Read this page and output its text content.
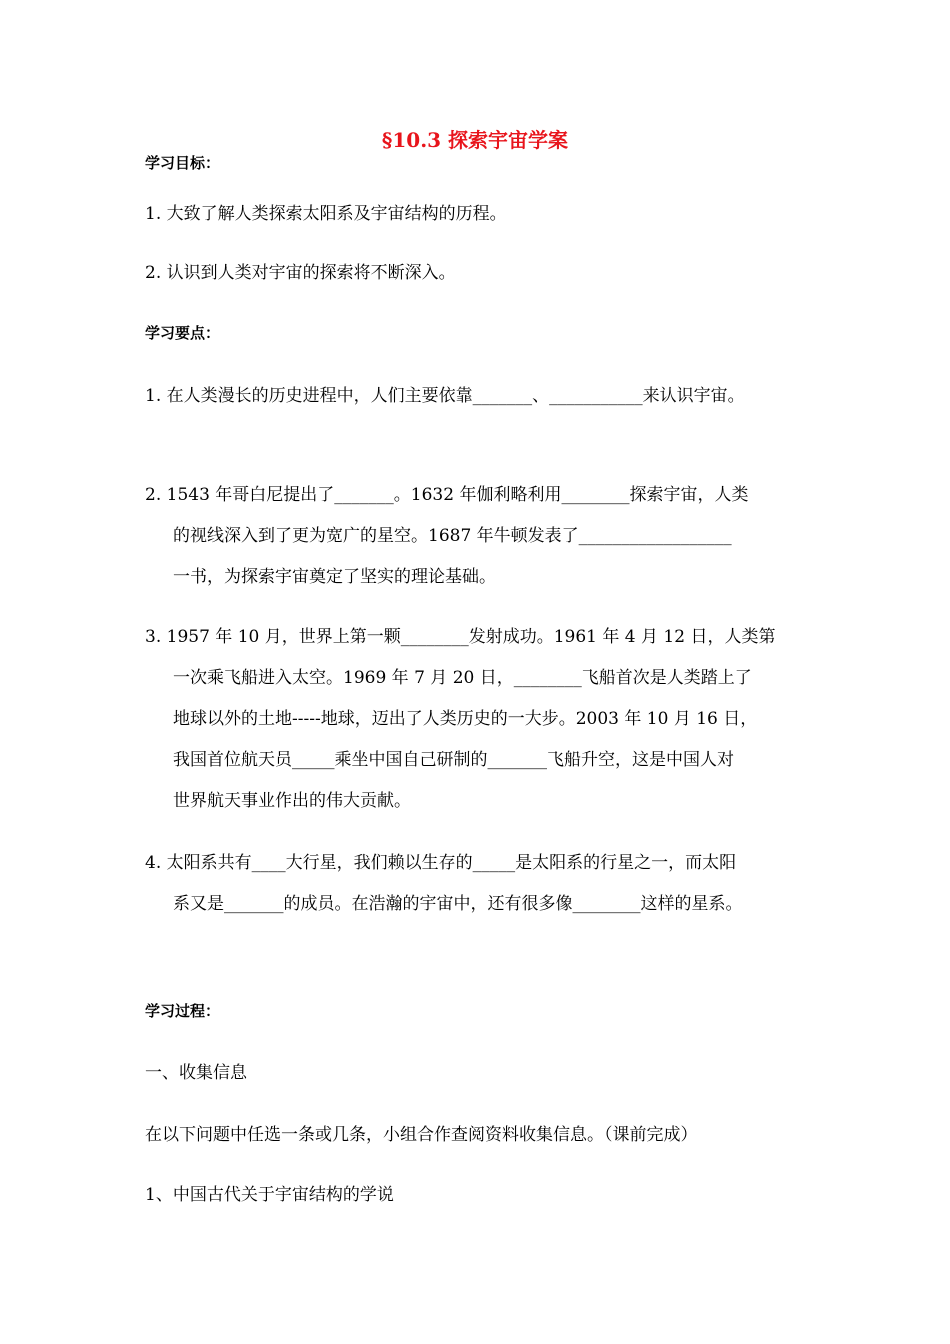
§10.3 探索宇宙学案
学习目标：
1. 大致了解人类探索太阳系及宇宙结构的历程。
2. 认识到人类对宇宙的探索将不断深入。
学习要点：
1. 在人类漫长的历史进程中，人们主要依靠_______、___________来认识宇宙。
2. 1543 年哥白尼提出了_______。1632 年伽利略利用________探索宇宙，人类
的视线深入到了更为宽广的星空。1687 年牛顿发表了__________________
一书，为探索宇宙奠定了坚实的理论基础。
3. 1957 年 10 月，世界上第一颗________发射成功。1961 年 4 月 12 日，人类第
一次乘飞船进入太空。1969 年 7 月 20 日，________飞船首次是人类踏上了
地球以外的土地-----地球，迈出了人类历史的一大步。2003 年 10 月 16 日，
我国首位航天员_____乘坐中国自己研制的_______飞船升空，这是中国人对
世界航天事业作出的伟大贡献。
4. 太阳系共有____大行星，我们赖以生存的_____是太阳系的行星之一，而太阳
系又是_______的成员。在浩瀚的宇宙中，还有很多像________这样的星系。
学习过程：
一、收集信息
在以下问题中任选一条或几条，小组合作查阅资料收集信息。（课前完成）
1、中国古代关于宇宙结构的学说
